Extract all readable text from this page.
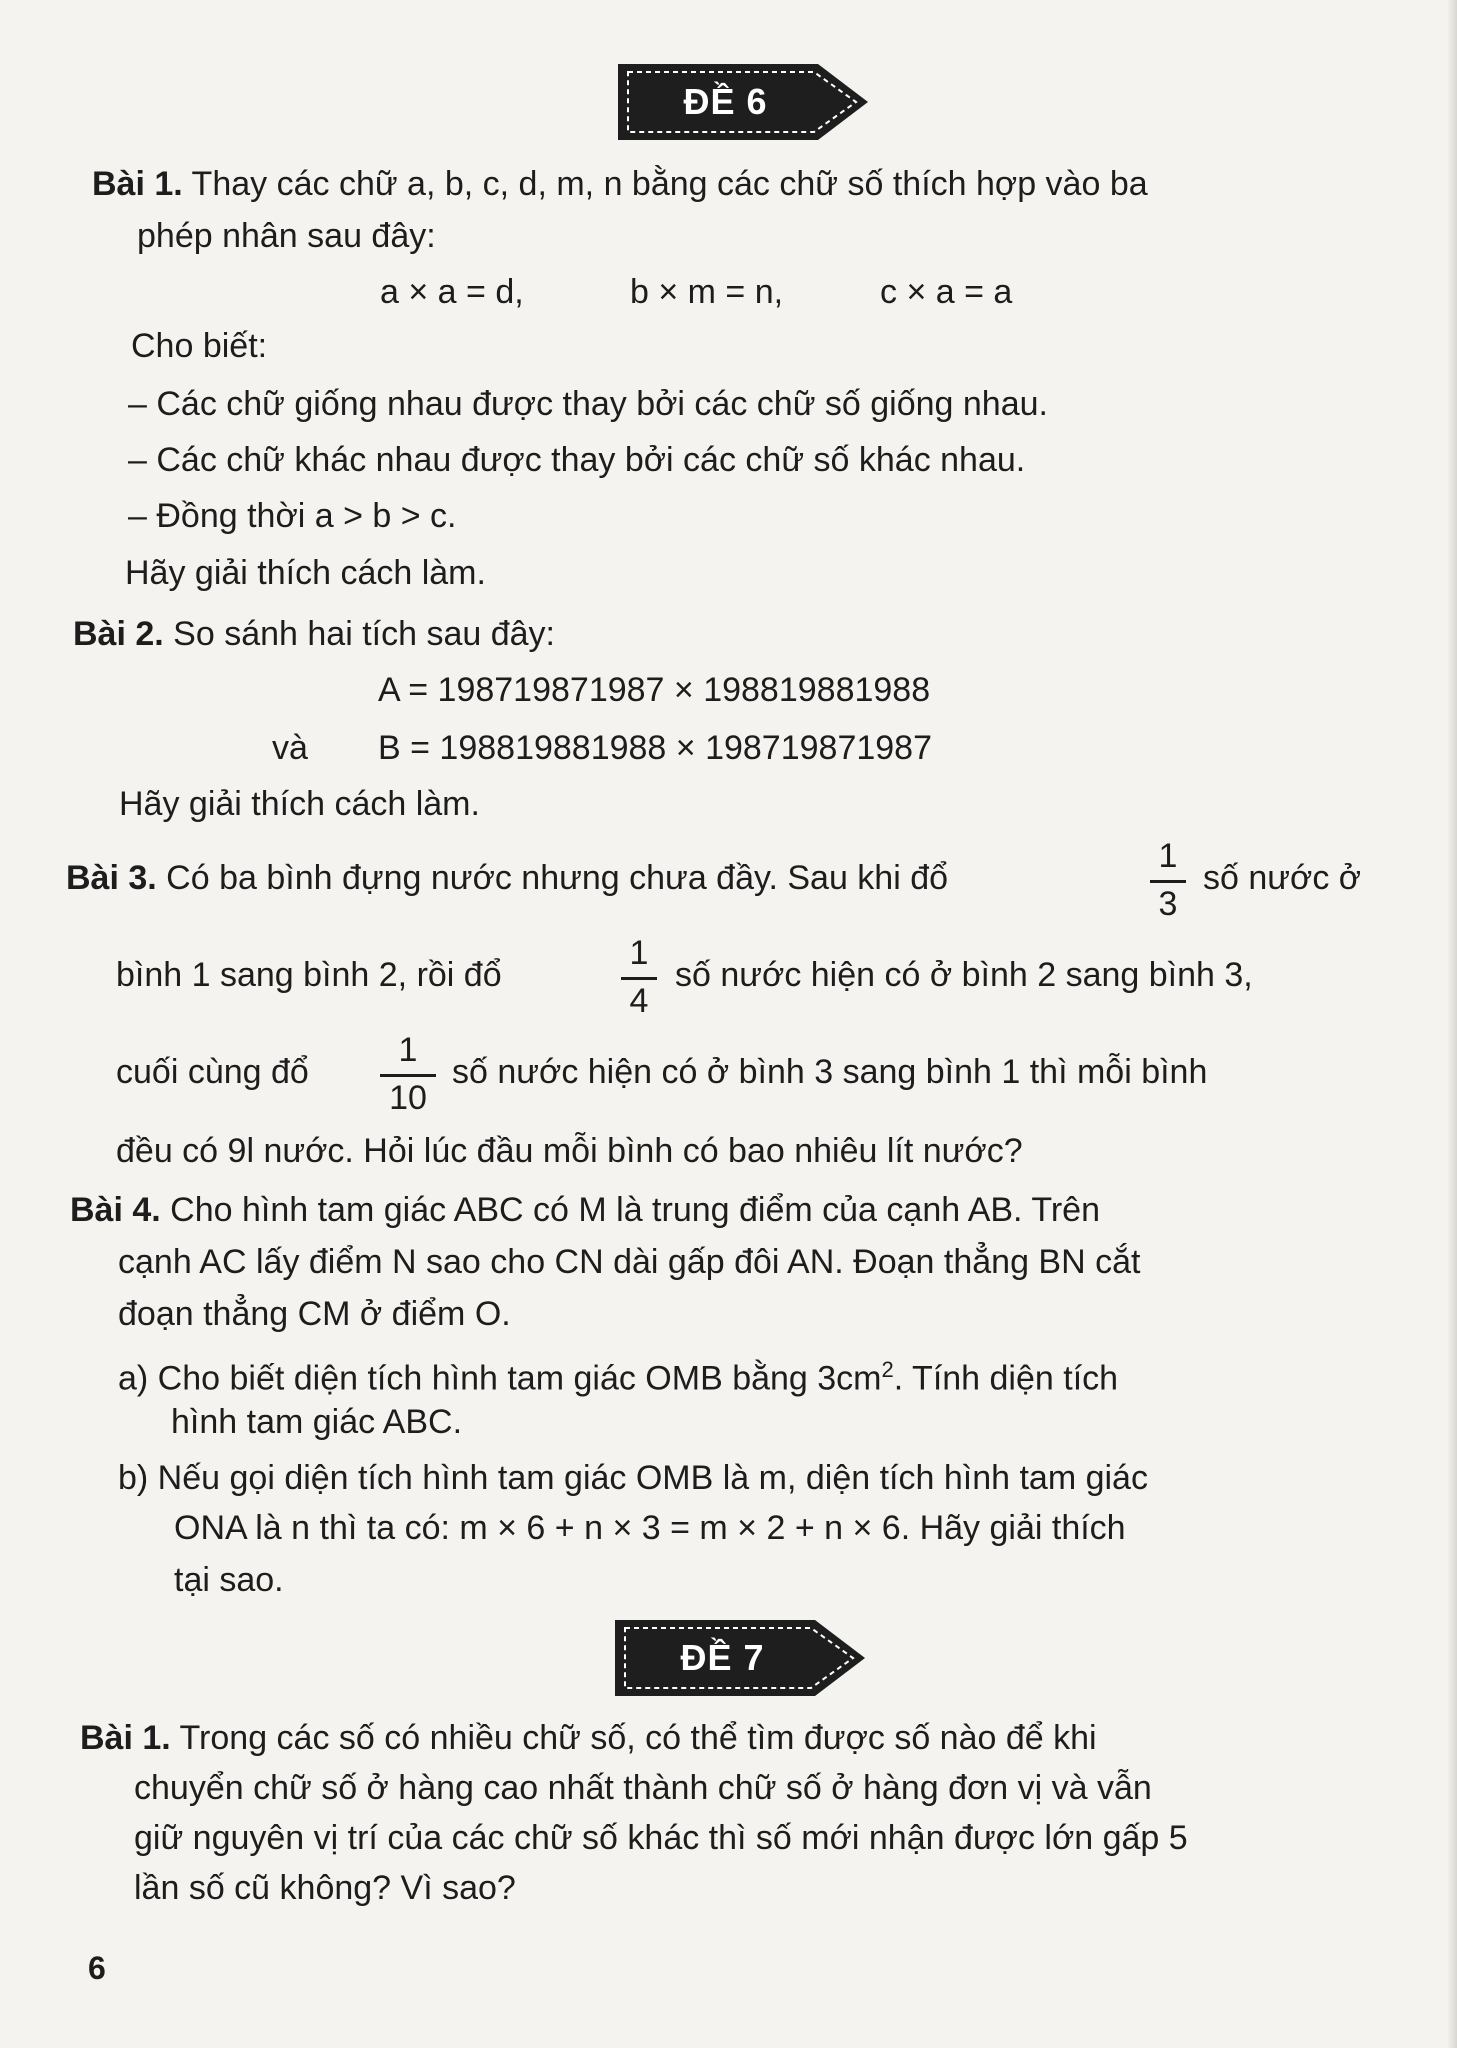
ĐỀ 6
Bài 1. Thay các chữ a, b, c, d, m, n bằng các chữ số thích hợp vào ba
phép nhân sau đây:
a × a = d,	b × m = n,	c × a = a
Cho biết:
– Các chữ giống nhau được thay bởi các chữ số giống nhau.
– Các chữ khác nhau được thay bởi các chữ số khác nhau.
– Đồng thời a > b > c.
Hãy giải thích cách làm.
Bài 2. So sánh hai tích sau đây:
A = 198719871987 × 198819881988
và B = 198819881988 × 198719871987
Hãy giải thích cách làm.
Bài 3. Có ba bình đựng nước nhưng chưa đầy. Sau khi đổ
1
3
số nước ở
bình 1 sang bình 2, rồi đổ
1
4
số nước hiện có ở bình 2 sang bình 3,
cuối cùng đổ
1
10
số nước hiện có ở bình 3 sang bình 1 thì mỗi bình
đều có 9l nước. Hỏi lúc đầu mỗi bình có bao nhiêu lít nước?
Bài 4. Cho hình tam giác ABC có M là trung điểm của cạnh AB. Trên
cạnh AC lấy điểm N sao cho CN dài gấp đôi AN. Đoạn thẳng BN cắt
đoạn thẳng CM ở điểm O.
a) Cho biết diện tích hình tam giác OMB bằng $3cm^2$. Tính diện tích
hình tam giác ABC.
b) Nếu gọi diện tích hình tam giác OMB là m, diện tích hình tam giác
ONA là n thì ta có: m × 6 + n × 3 = m × 2 + n × 6. Hãy giải thích
tại sao.
ĐỀ 7
Bài 1. Trong các số có nhiều chữ số, có thể tìm được số nào để khi
chuyển chữ số ở hàng cao nhất thành chữ số ở hàng đơn vị và vẫn
giữ nguyên vị trí của các chữ số khác thì số mới nhận được lớn gấp 5
lần số cũ không? Vì sao?
6
